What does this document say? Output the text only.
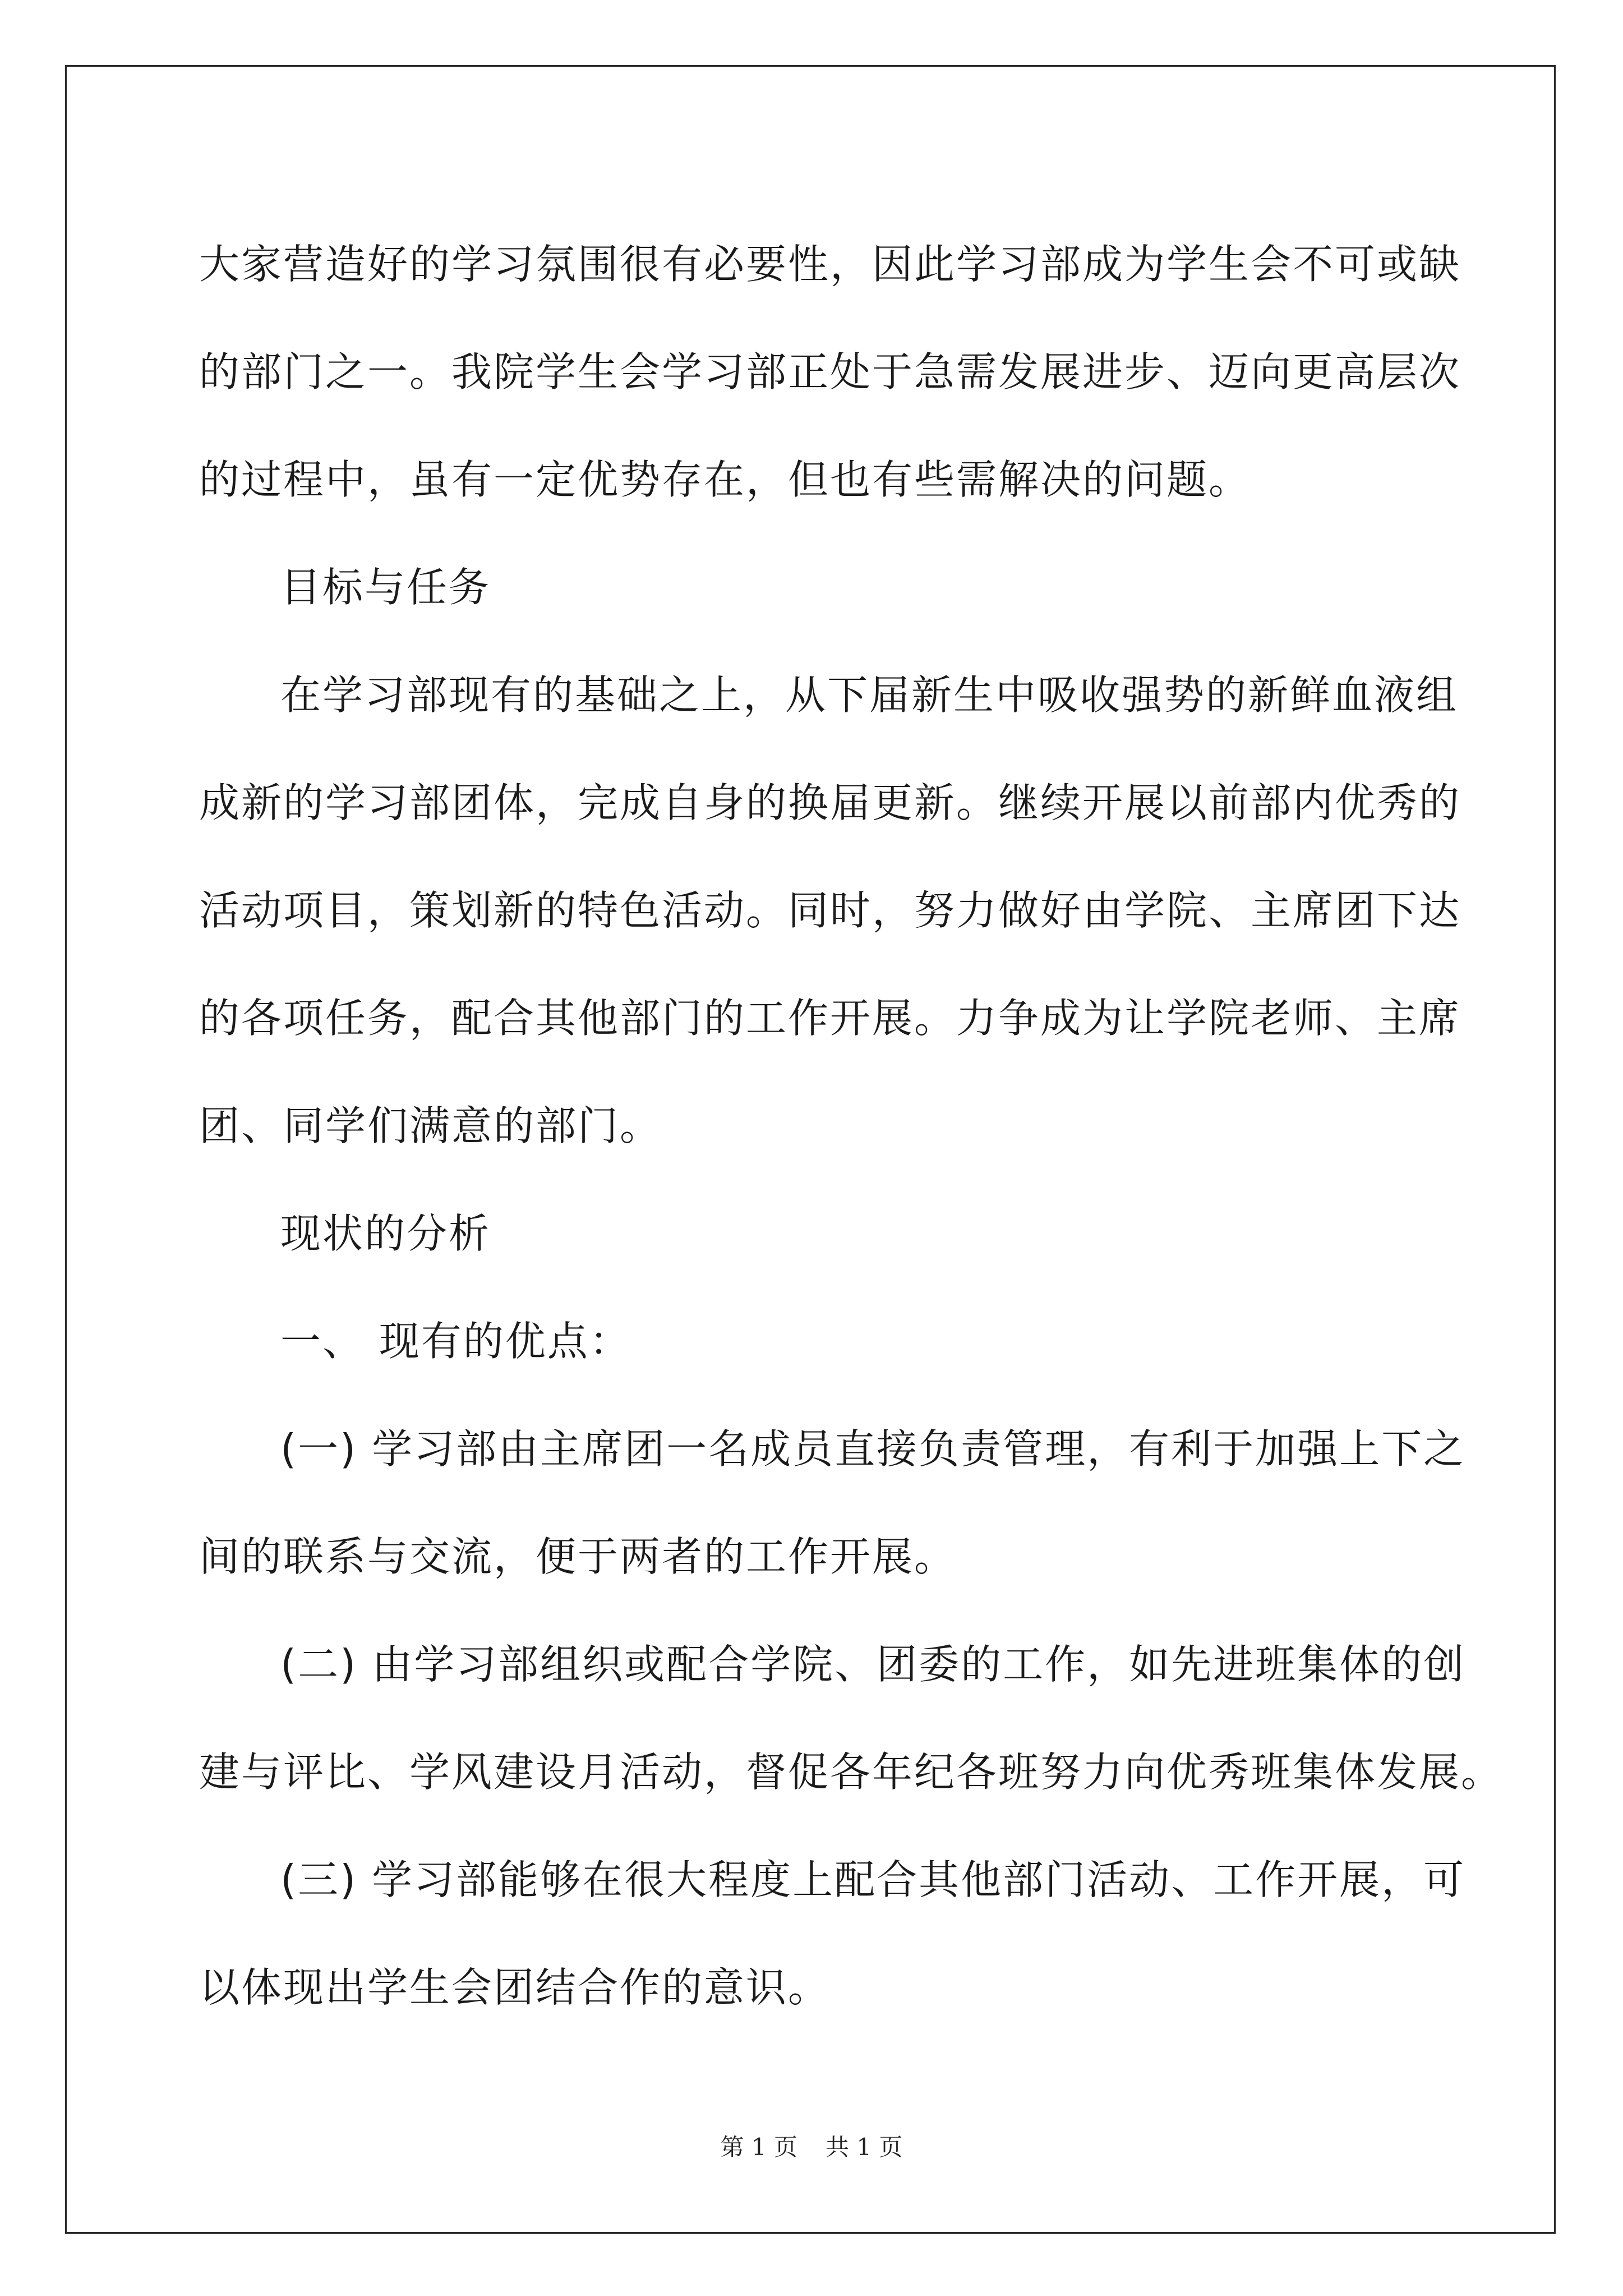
大家营造好的学习氛围很有必要性，因此学习部成为学生会不可或缺

的部门之一。我院学生会学习部正处于急需发展进步、迈向更高层次

的过程中，虽有一定优势存在，但也有些需解决的问题。

目标与任务

在学习部现有的基础之上，从下届新生中吸收强势的新鲜血液组

成新的学习部团体，完成自身的换届更新。继续开展以前部内优秀的

活动项目，策划新的特色活动。同时，努力做好由学院、主席团下达

的各项任务，配合其他部门的工作开展。力争成为让学院老师、主席

团、同学们满意的部门。

现状的分析

一、 现有的优点：

(一) 学习部由主席团一名成员直接负责管理，有利于加强上下之

间的联系与交流，便于两者的工作开展。

(二) 由学习部组织或配合学院、团委的工作，如先进班集体的创

建与评比、学风建设月活动，督促各年纪各班努力向优秀班集体发展。

(三) 学习部能够在很大程度上配合其他部门活动、工作开展，可

以体现出学生会团结合作的意识。

第 1 页 共 1 页
